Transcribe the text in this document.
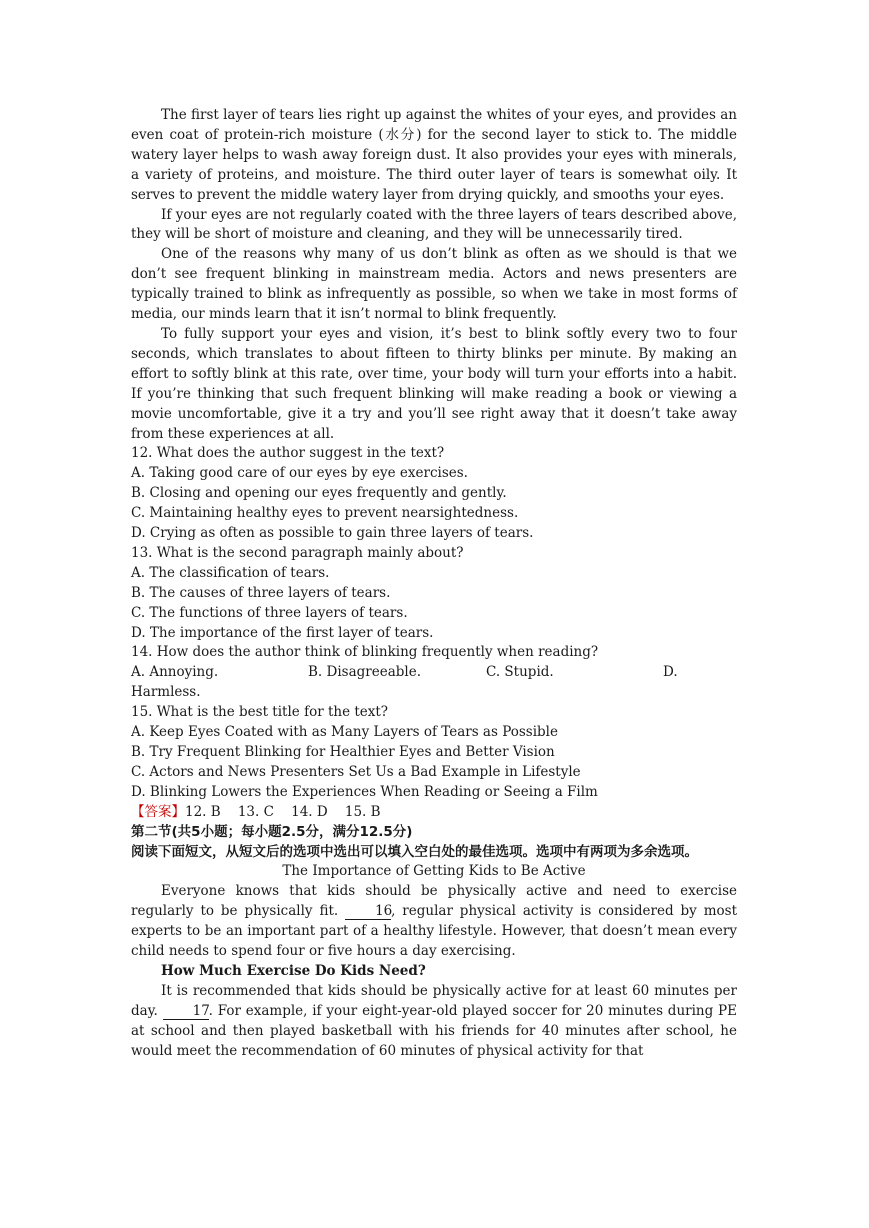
The first layer of tears lies right up against the whites of your eyes, and provides an even coat of protein-rich moisture (水分) for the second layer to stick to. The middle watery layer helps to wash away foreign dust. It also provides your eyes with minerals, a variety of proteins, and moisture. The third outer layer of tears is somewhat oily. It serves to prevent the middle watery layer from drying quickly, and smooths your eyes.

If your eyes are not regularly coated with the three layers of tears described above, they will be short of moisture and cleaning, and they will be unnecessarily tired.

One of the reasons why many of us don’t blink as often as we should is that we don’t see frequent blinking in mainstream media. Actors and news presenters are typically trained to blink as infrequently as possible, so when we take in most forms of media, our minds learn that it isn’t normal to blink frequently.

To fully support your eyes and vision, it’s best to blink softly every two to four seconds, which translates to about fifteen to thirty blinks per minute. By making an effort to softly blink at this rate, over time, your body will turn your efforts into a habit. If you’re thinking that such frequent blinking will make reading a book or viewing a movie uncomfortable, give it a try and you’ll see right away that it doesn’t take away from these experiences at all.

12. What does the author suggest in the text?

A. Taking good care of our eyes by eye exercises.

B. Closing and opening our eyes frequently and gently.

C. Maintaining healthy eyes to prevent nearsightedness.

D. Crying as often as possible to gain three layers of tears.

13. What is the second paragraph mainly about?

A. The classification of tears.

B. The causes of three layers of tears.

C. The functions of three layers of tears.

D. The importance of the first layer of tears.

14. How does the author think of blinking frequently when reading?

A. Annoying.	B. Disagreeable.	C. Stupid.	D.

Harmless.

15. What is the best title for the text?

A. Keep Eyes Coated with as Many Layers of Tears as Possible

B. Try Frequent Blinking for Healthier Eyes and Better Vision

C. Actors and News Presenters Set Us a Bad Example in Lifestyle

D. Blinking Lowers the Experiences When Reading or Seeing a Film

【答案】12. B    13. C    14. D    15. B

第二节(共5小题；每小题2.5分，满分12.5分)

阅读下面短文，从短文后的选项中选出可以填入空白处的最佳选项。选项中有两项为多余选项。

The Importance of Getting Kids to Be Active

Everyone knows that kids should be physically active and need to exercise regularly to be physically fit. 16, regular physical activity is considered by most experts to be an important part of a healthy lifestyle. However, that doesn’t mean every child needs to spend four or five hours a day exercising.

How Much Exercise Do Kids Need?

It is recommended that kids should be physically active for at least 60 minutes per day. 17. For example, if your eight-year-old played soccer for 20 minutes during PE at school and then played basketball with his friends for 40 minutes after school, he would meet the recommendation of 60 minutes of physical activity for that
